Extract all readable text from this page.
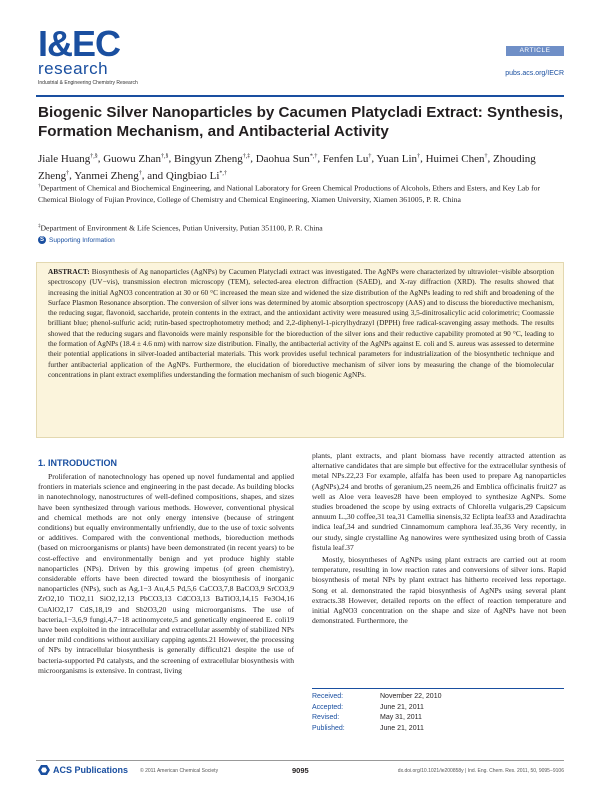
I&EC
research
Industrial & Engineering Chemistry Research
ARTICLE
pubs.acs.org/IECR
Biogenic Silver Nanoparticles by Cacumen Platycladi Extract: Synthesis, Formation Mechanism, and Antibacterial Activity
Jiale Huang†,§, Guowu Zhan†,§, Bingyun Zheng†,‡, Daohua Sun*,†, Fenfen Lu†, Yuan Lin†, Huimei Chen†, Zhouding Zheng†, Yanmei Zheng†, and Qingbiao Li*,†
†Department of Chemical and Biochemical Engineering, and National Laboratory for Green Chemical Productions of Alcohols, Ethers and Esters, and Key Lab for Chemical Biology of Fujian Province, College of Chemistry and Chemical Engineering, Xiamen University, Xiamen 361005, P. R. China
‡Department of Environment & Life Sciences, Putian University, Putian 351100, P. R. China
S Supporting Information
ABSTRACT: Biosynthesis of Ag nanoparticles (AgNPs) by Cacumen Platycladi extract was investigated. The AgNPs were characterized by ultraviolet−visible absorption spectroscopy (UV−vis), transmission electron microscopy (TEM), selected-area electron diffraction (SAED), and X-ray diffraction (XRD). The results showed that increasing the initial AgNO3 concentration at 30 or 60 °C increased the mean size and widened the size distribution of the AgNPs leading to red shift and broadening of the Surface Plasmon Resonance absorption. The conversion of silver ions was determined by atomic absorption spectroscopy (AAS) and to discuss the bioreductive mechanism, the reducing sugar, flavonoid, saccharide, protein contents in the extract, and the antioxidant activity were measured using 3,5-dinitrosalicylic acid colorimetric; Coomassie brilliant blue; phenol-sulfuric acid; rutin-based spectrophotometry method; and 2,2-diphenyl-1-picrylhydrazyl (DPPH) free radical-scavenging assay methods. The results showed that the reducing sugars and flavonoids were mainly responsible for the bioreduction of the silver ions and their reductive capability promoted at 90 °C, leading to the formation of AgNPs (18.4 ± 4.6 nm) with narrow size distribution. Finally, the antibacterial activity of the AgNPs against E. coli and S. aureus was assessed to determine their potential applications in silver-loaded antibacterial materials. This work provides useful technical parameters for industrialization of the biosynthetic technique and further antibacterial application of the AgNPs. Furthermore, the elucidation of bioreductive mechanism of silver ions by measuring the change of the biomolecular concentrations in plant extract exemplifies understanding the formation mechanism of such biogenic AgNPs.
1. INTRODUCTION

Proliferation of nanotechnology has opened up novel fundamental and applied frontiers in materials science and engineering in the past decade. As building blocks in nanotechnology, nanostructures of well-defined compositions, shapes, and sizes have been synthesized through various methods. However, conventional physical and chemical methods are not only energy intensive (because of stringent conditions) but equally environmentally unfriendly, due to the use of toxic solvents or additives. Compared with the conventional methods, bioreduction methods (based on microorganisms or plants) have been demonstrated (in recent years) to be cost-effective and environmentally benign and yet produce highly stable nanoparticles (NPs). Driven by this growing impetus (of green chemistry), considerable efforts have been directed toward the biosynthesis of inorganic nanoparticles (NPs), such as Ag,1−3 Au,4,5 Pd,5,6 CaCO3,7,8 BaCO3,9 SrCO3,9 ZrO2,10 TiO2,11 SiO2,12,13 PbCO3,13 CdCO3,13 BaTiO3,14,15 Fe3O4,16 CuAlO2,17 CdS,18,19 and Sb2O3,20 using microorganisms. The use of bacteria,1−3,6,9 fungi,4,7−18 actinomycete,5 and genetically engineered E. coli19 have been exploited in the intracellular and extracellular assembly of stabilized NPs under mild conditions without auxiliary capping agents.21 However, the processing of NPs by intracellular biosynthesis is generally difficult21 despite the use of bacteria-supported Pd catalysts, and the screening of extracellular biosynthesis with microorganisms is extensive. In contrast, living

plants, plant extracts, and plant biomass have recently attracted attention as alternative candidates that are simple but effective for the extracellular synthesis of metal NPs.22,23 For example, alfalfa has been used to prepare Ag nanoparticles (AgNPs),24 and broths of geranium,25 neem,26 and Emblica officinalis fruit27 as well as Aloe vera leaves28 have been employed to synthesize AgNPs. Some studies broadened the scope by using extracts of Chlorella vulgaris,29 Capsicum annuum L.,30 coffee,31 tea,31 Camellia sinensis,32 Eclipta leaf33 and Azadirachta indica leaf,34 and sundried Cinnamomum camphora leaf.35,36 Very recently, in our study, single crystalline Ag nanowires were synthesized using broth of Cassia fistula leaf.37

Mostly, biosyntheses of AgNPs using plant extracts are carried out at room temperature, resulting in low reaction rates and conversions of silver ions. Rapid biosynthesis of metal NPs by plant extract has hitherto received less reportage. Song et al. demonstrated the rapid biosynthesis of AgNPs using several plant extracts.38 However, detailed reports on the effect of reaction temperature and initial AgNO3 concentration on the shape and size of AgNPs have not been demonstrated. Furthermore, the

Received:	November 22, 2010
Accepted:	June 21, 2011
Revised:	May 31, 2011
Published:	June 21, 2011
ACS Publications © 2011 American Chemical Society	9095	dx.doi.org/10.1021/ie200858y | Ind. Eng. Chem. Res. 2011, 50, 9095−9106
